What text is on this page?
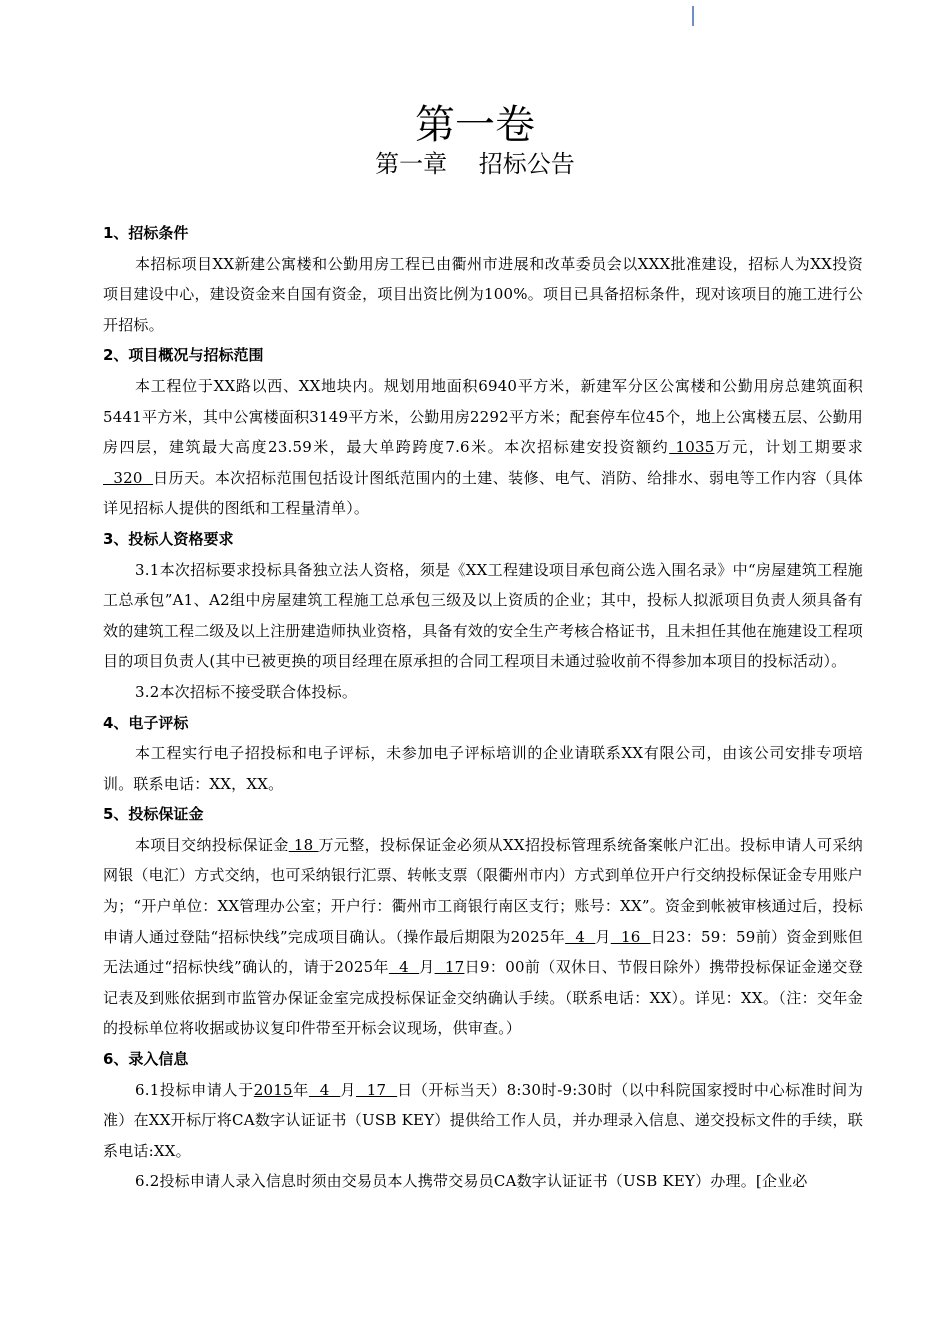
第一卷
第一章　 招标公告

1、招标条件

本招标项目XX新建公寓楼和公勤用房工程已由衢州市进展和改革委员会以XXX批准建设，招标人为XX投资项目建设中心，建设资金来自国有资金，项目出资比例为100%。项目已具备招标条件，现对该项目的施工进行公开招标。

2、项目概况与招标范围

本工程位于XX路以西、XX地块内。规划用地面积6940平方米，新建军分区公寓楼和公勤用房总建筑面积5441平方米，其中公寓楼面积3149平方米，公勤用房2292平方米；配套停车位45个，地上公寓楼五层、公勤用房四层，建筑最大高度23.59米，最大单跨跨度7.6米。本次招标建安投资额约 1035万元，计划工期要求  320  日历天。本次招标范围包括设计图纸范围内的土建、装修、电气、消防、给排水、弱电等工作内容（具体详见招标人提供的图纸和工程量清单）。

3、投标人资格要求

3.1本次招标要求投标具备独立法人资格，须是《XX工程建设项目承包商公选入围名录》中“房屋建筑工程施工总承包”A1、A2组中房屋建筑工程施工总承包三级及以上资质的企业；其中，投标人拟派项目负责人须具备有效的建筑工程二级及以上注册建造师执业资格，具备有效的安全生产考核合格证书，且未担任其他在施建设工程项目的项目负责人(其中已被更换的项目经理在原承担的合同工程项目未通过验收前不得参加本项目的投标活动）。

3.2本次招标不接受联合体投标。

4、电子评标

本工程实行电子招投标和电子评标，未参加电子评标培训的企业请联系XX有限公司，由该公司安排专项培训。联系电话：XX，XX。

5、投标保证金

本项目交纳投标保证金 18 万元整，投标保证金必须从XX招投标管理系统备案帐户汇出。投标申请人可采纳网银（电汇）方式交纳，也可采纳银行汇票、转帐支票（限衢州市内）方式到单位开户行交纳投标保证金专用账户为；“开户单位：XX管理办公室；开户行：衢州市工商银行南区支行；账号：XX”。资金到帐被审核通过后，投标申请人通过登陆“招标快线”完成项目确认。（操作最后期限为2025年  4  月  16  日23：59：59前）资金到账但无法通过“招标快线”确认的，请于2025年  4  月  17日9：00前（双休日、节假日除外）携带投标保证金递交登记表及到账依据到市监管办保证金室完成投标保证金交纳确认手续。（联系电话：XX）。详见：XX。（注：交年金的投标单位将收据或协议复印件带至开标会议现场，供审查。）

6、录入信息

6.1投标申请人于2015年  4  月  17  日（开标当天）8:30时-9:30时（以中科院国家授时中心标准时间为准）在XX开标厅将CA数字认证证书（USB KEY）提供给工作人员，并办理录入信息、递交投标文件的手续，联系电话:XX。

6.2投标申请人录入信息时须由交易员本人携带交易员CA数字认证证书（USB KEY）办理。[企业必
